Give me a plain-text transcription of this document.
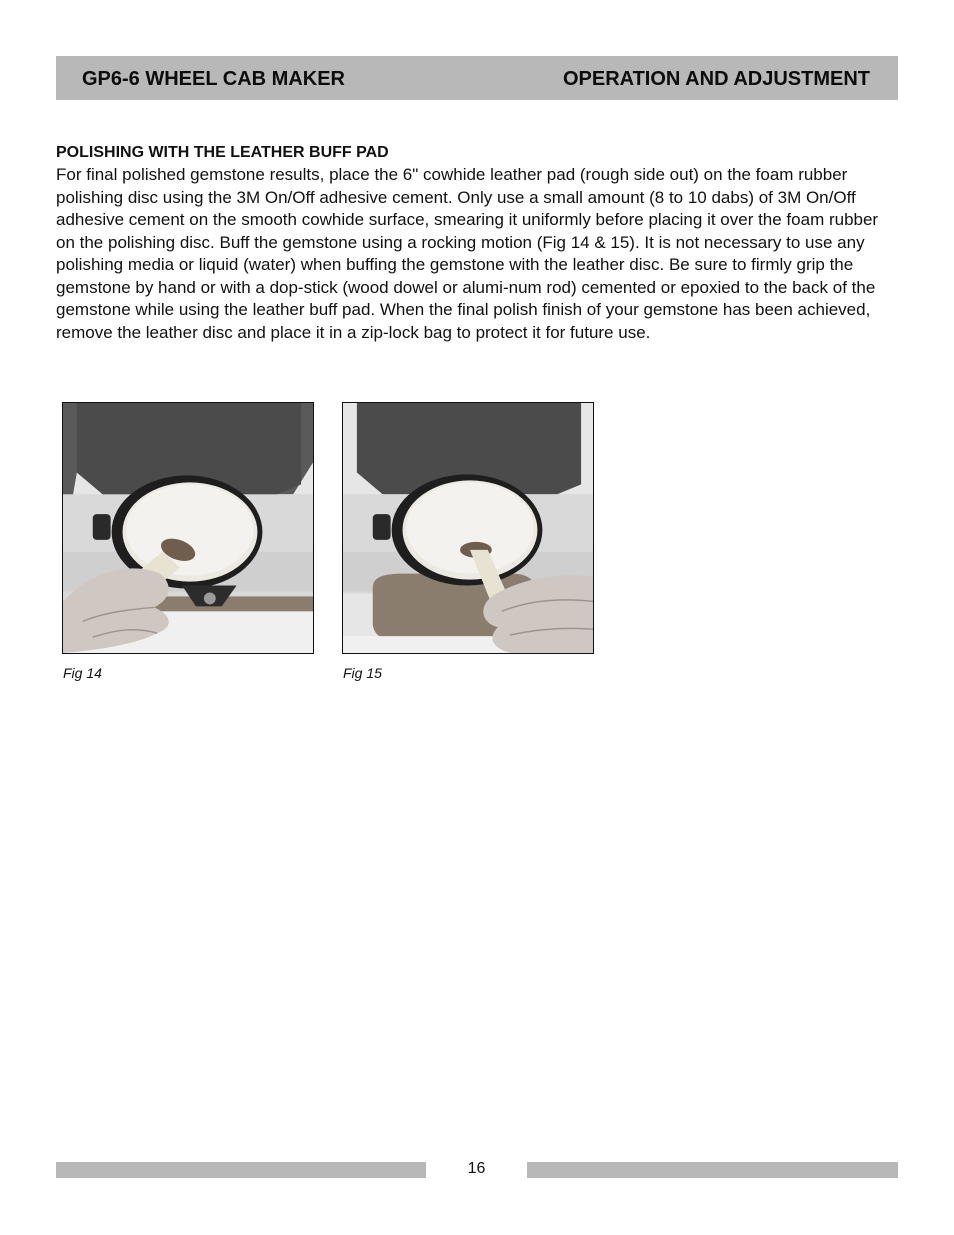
GP6-6 WHEEL CAB MAKER	OPERATION AND ADJUSTMENT
POLISHING WITH THE LEATHER BUFF PAD

For final polished gemstone results, place the 6" cowhide leather pad (rough side out) on the foam rubber polishing disc using the 3M On/Off adhesive cement. Only use a small amount (8 to 10 dabs) of 3M On/Off adhesive cement on the smooth cowhide surface, smearing it uniformly before placing it over the foam rubber on the polishing disc. Buff the gemstone using a rocking motion (Fig 14 & 15). It is not necessary to use any polishing media or liquid (water) when buffing the gemstone with the leather disc. Be sure to firmly grip the gemstone by hand or with a dop-stick (wood dowel or alumi-num rod) cemented or epoxied to the back of the gemstone while using the leather buff pad. When the final polish finish of your gemstone has been achieved, remove the leather disc and place it in a zip-lock bag to protect it for future use.

Fig 14	Fig 15
16
